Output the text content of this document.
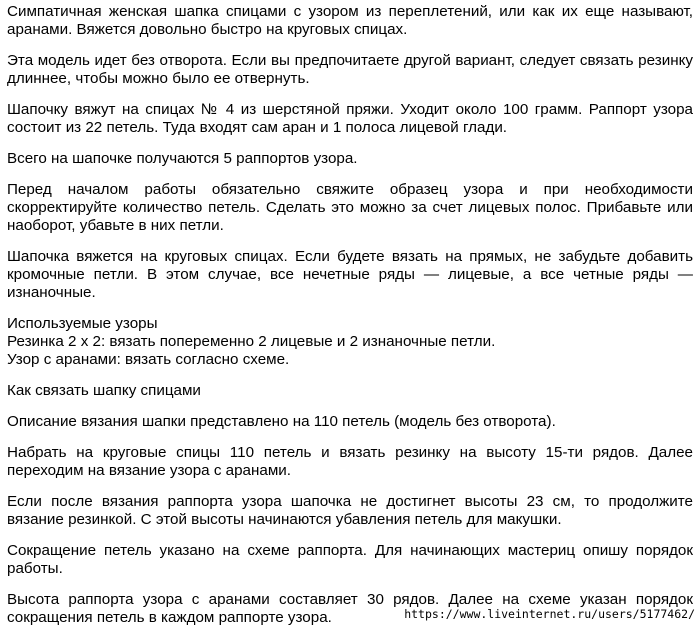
Симпатичная женская шапка спицами с узором из переплетений, или как их еще называют, аранами. Вяжется довольно быстро на круговых спицах.

Эта модель идет без отворота. Если вы предпочитаете другой вариант, следует связать резинку длиннее, чтобы можно было ее отвернуть.

Шапочку вяжут на спицах № 4 из шерстяной пряжи. Уходит около 100 грамм. Раппорт узора состоит из 22 петель. Туда входят сам аран и 1 полоса лицевой глади.

Всего на шапочке получаются 5 раппортов узора.

Перед началом работы обязательно свяжите образец узора и при необходимости скорректируйте количество петель. Сделать это можно за счет лицевых полос. Прибавьте или наоборот, убавьте в них петли.

Шапочка вяжется на круговых спицах. Если будете вязать на прямых, не забудьте добавить кромочные петли. В этом случае, все нечетные ряды — лицевые, а все четные ряды — изнаночные.

Используемые узоры
Резинка 2 х 2: вязать попеременно 2 лицевые и 2 изнаночные петли.
Узор с аранами: вязать согласно схеме.

Как связать шапку спицами

Описание вязания шапки представлено на 110 петель (модель без отворота).

Набрать на круговые спицы 110 петель и вязать резинку на высоту 15-ти рядов. Далее переходим на вязание узора с аранами.

Если после вязания раппорта узора шапочка не достигнет высоты 23 см, то продолжите вязание резинкой. С этой высоты начинаются убавления петель для макушки.

Сокращение петель указано на схеме раппорта. Для начинающих мастериц опишу порядок работы.

Высота раппорта узора с аранами составляет 30 рядов. Далее на схеме указан порядок сокращения петель в каждом раппорте узора.	https://www.liveinternet.ru/users/5177462/
